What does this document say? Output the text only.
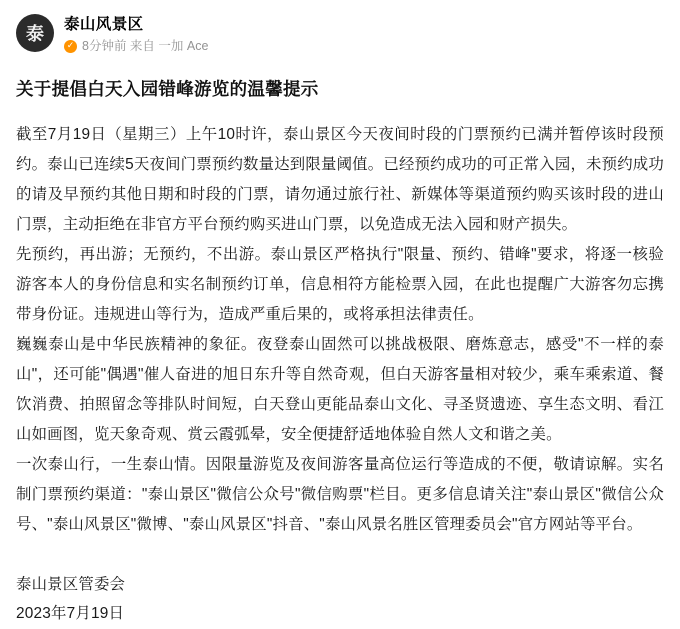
泰	泰山风景区
✓ 8分钟前 来自 一加 Ace
关于提倡白天入园错峰游览的温馨提示

截至7月19日（星期三）上午10时许，泰山景区今天夜间时段的门票预约已满并暂停该时段预约。泰山已连续5天夜间门票预约数量达到限量阈值。已经预约成功的可正常入园，未预约成功的请及早预约其他日期和时段的门票，请勿通过旅行社、新媒体等渠道预约购买该时段的进山门票，主动拒绝在非官方平台预约购买进山门票，以免造成无法入园和财产损失。

先预约，再出游；无预约，不出游。泰山景区严格执行"限量、预约、错峰"要求，将逐一核验游客本人的身份信息和实名制预约订单，信息相符方能检票入园，在此也提醒广大游客勿忘携带身份证。违规进山等行为，造成严重后果的，或将承担法律责任。

巍巍泰山是中华民族精神的象征。夜登泰山固然可以挑战极限、磨炼意志，感受"不一样的泰山"，还可能"偶遇"催人奋进的旭日东升等自然奇观，但白天游客量相对较少，乘车乘索道、餐饮消费、拍照留念等排队时间短，白天登山更能品泰山文化、寻圣贤遗迹、享生态文明、看江山如画图，览天象奇观、赏云霞弧晕，安全便捷舒适地体验自然人文和谐之美。

一次泰山行，一生泰山情。因限量游览及夜间游客量高位运行等造成的不便，敬请谅解。实名制门票预约渠道："泰山景区"微信公众号"微信购票"栏目。更多信息请关注"泰山景区"微信公众号、"泰山风景区"微博、"泰山风景区"抖音、"泰山风景名胜区管理委员会"官方网站等平台。

泰山景区管委会
2023年7月19日
